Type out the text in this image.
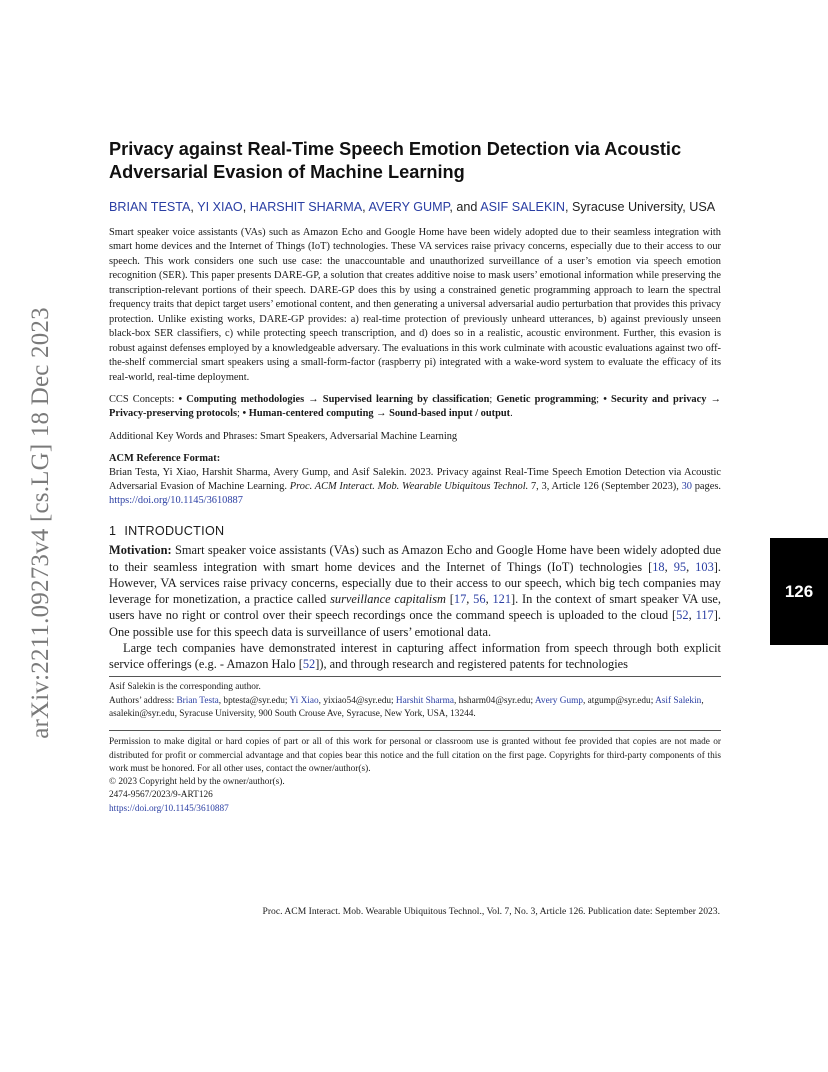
arXiv:2211.09273v4 [cs.LG] 18 Dec 2023	126
Privacy against Real-Time Speech Emotion Detection via Acoustic Adversarial Evasion of Machine Learning
BRIAN TESTA, YI XIAO, HARSHIT SHARMA, AVERY GUMP, and ASIF SALEKIN, Syracuse University, USA
Smart speaker voice assistants (VAs) such as Amazon Echo and Google Home have been widely adopted due to their seamless integration with smart home devices and the Internet of Things (IoT) technologies. These VA services raise privacy concerns, especially due to their access to our speech. This work considers one such use case: the unaccountable and unauthorized surveillance of a user’s emotion via speech emotion recognition (SER). This paper presents DARE-GP, a solution that creates additive noise to mask users’ emotional information while preserving the transcription-relevant portions of their speech. DARE-GP does this by using a constrained genetic programming approach to learn the spectral frequency traits that depict target users’ emotional content, and then generating a universal adversarial audio perturbation that provides this privacy protection. Unlike existing works, DARE-GP provides: a) real-time protection of previously unheard utterances, b) against previously unseen black-box SER classifiers, c) while protecting speech transcription, and d) does so in a realistic, acoustic environment. Further, this evasion is robust against defenses employed by a knowledgeable adversary. The evaluations in this work culminate with acoustic evaluations against two off-the-shelf commercial smart speakers using a small-form-factor (raspberry pi) integrated with a wake-word system to evaluate the efficacy of its real-world, real-time deployment.
CCS Concepts: • Computing methodologies → Supervised learning by classification; Genetic programming; • Security and privacy → Privacy-preserving protocols; • Human-centered computing → Sound-based input / output.
Additional Key Words and Phrases: Smart Speakers, Adversarial Machine Learning
ACM Reference Format:
Brian Testa, Yi Xiao, Harshit Sharma, Avery Gump, and Asif Salekin. 2023. Privacy against Real-Time Speech Emotion Detection via Acoustic Adversarial Evasion of Machine Learning. Proc. ACM Interact. Mob. Wearable Ubiquitous Technol. 7, 3, Article 126 (September 2023), 30 pages. https://doi.org/10.1145/3610887
1 INTRODUCTION

Motivation: Smart speaker voice assistants (VAs) such as Amazon Echo and Google Home have been widely adopted due to their seamless integration with smart home devices and the Internet of Things (IoT) technologies [18, 95, 103]. However, VA services raise privacy concerns, especially due to their access to our speech, which big tech companies may leverage for monetization, a practice called surveillance capitalism [17, 56, 121]. In the context of smart speaker VA use, users have no right or control over their speech recordings once the command speech is uploaded to the cloud [52, 117]. One possible use for this speech data is surveillance of users’ emotional data.

Large tech companies have demonstrated interest in capturing affect information from speech through both explicit service offerings (e.g. - Amazon Halo [52]), and through research and registered patents for technologies

Asif Salekin is the corresponding author.
Authors’ address: Brian Testa, bptesta@syr.edu; Yi Xiao, yixiao54@syr.edu; Harshit Sharma, hsharm04@syr.edu; Avery Gump, atgump@syr.edu; Asif Salekin, asalekin@syr.edu, Syracuse University, 900 South Crouse Ave, Syracuse, New York, USA, 13244.
Permission to make digital or hard copies of part or all of this work for personal or classroom use is granted without fee provided that copies are not made or distributed for profit or commercial advantage and that copies bear this notice and the full citation on the first page. Copyrights for third-party components of this work must be honored. For all other uses, contact the owner/author(s).
© 2023 Copyright held by the owner/author(s).
2474-9567/2023/9-ART126
https://doi.org/10.1145/3610887
Proc. ACM Interact. Mob. Wearable Ubiquitous Technol., Vol. 7, No. 3, Article 126. Publication date: September 2023.
